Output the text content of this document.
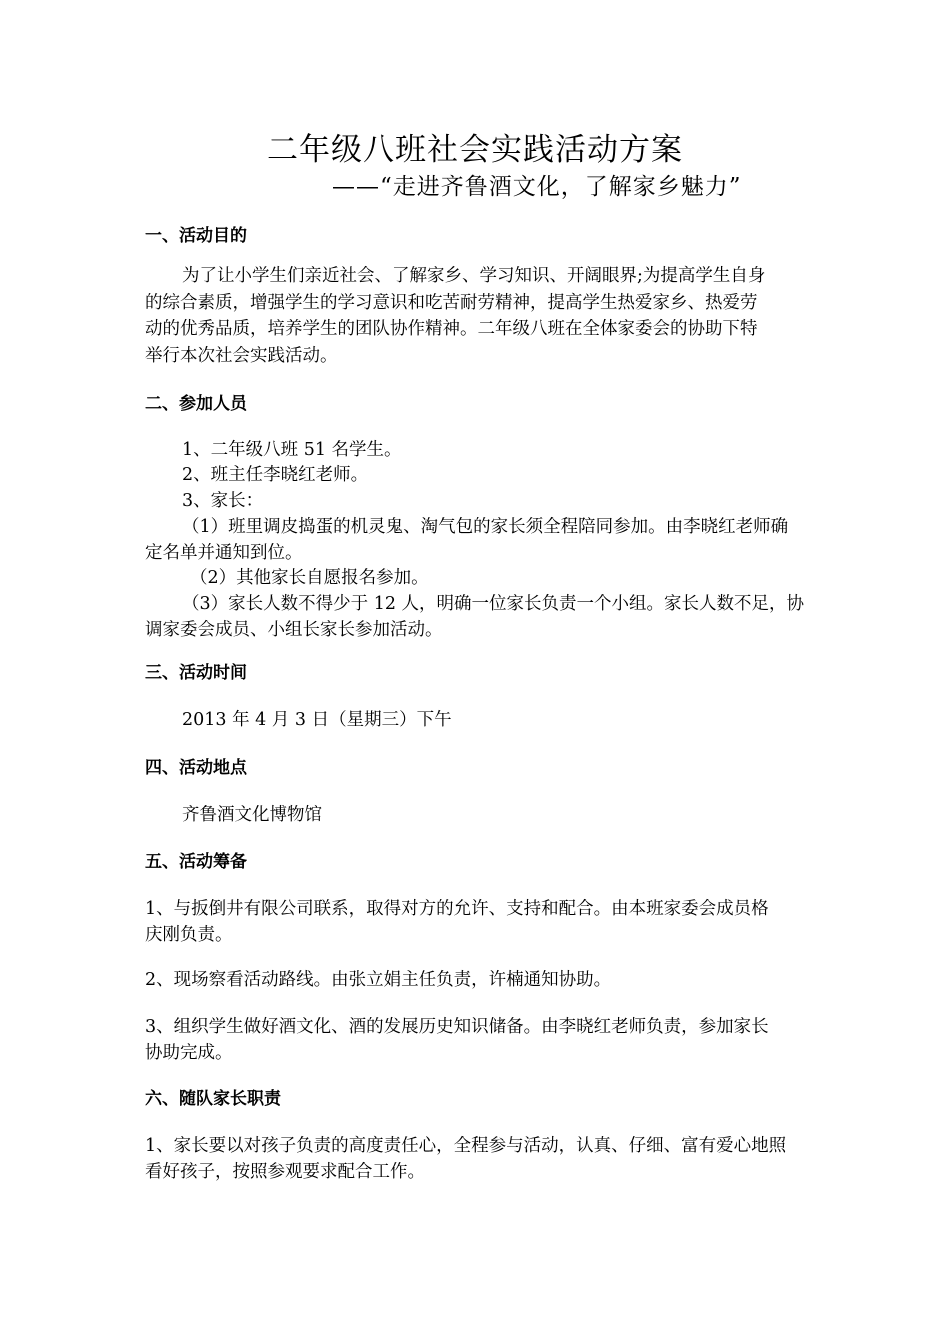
二年级八班社会实践活动方案

——“走进齐鲁酒文化，了解家乡魅力”

一、活动目的

为了让小学生们亲近社会、了解家乡、学习知识、开阔眼界;为提高学生自身

的综合素质，增强学生的学习意识和吃苦耐劳精神，提高学生热爱家乡、热爱劳

动的优秀品质，培养学生的团队协作精神。二年级八班在全体家委会的协助下特

举行本次社会实践活动。

二、参加人员

1、二年级八班 51 名学生。

2、班主任李晓红老师。

3、家长：

（1）班里调皮捣蛋的机灵鬼、淘气包的家长须全程陪同参加。由李晓红老师确

定名单并通知到位。

（2）其他家长自愿报名参加。

（3）家长人数不得少于 12 人，明确一位家长负责一个小组。家长人数不足，协

调家委会成员、小组长家长参加活动。

三、活动时间

2013 年 4 月 3 日（星期三）下午

四、活动地点

齐鲁酒文化博物馆

五、活动筹备

1、与扳倒井有限公司联系，取得对方的允许、支持和配合。由本班家委会成员格

庆刚负责。

2、现场察看活动路线。由张立娟主任负责，许楠通知协助。

3、组织学生做好酒文化、酒的发展历史知识储备。由李晓红老师负责，参加家长

协助完成。

六、随队家长职责

1、家长要以对孩子负责的高度责任心，全程参与活动，认真、仔细、富有爱心地照

看好孩子，按照参观要求配合工作。
